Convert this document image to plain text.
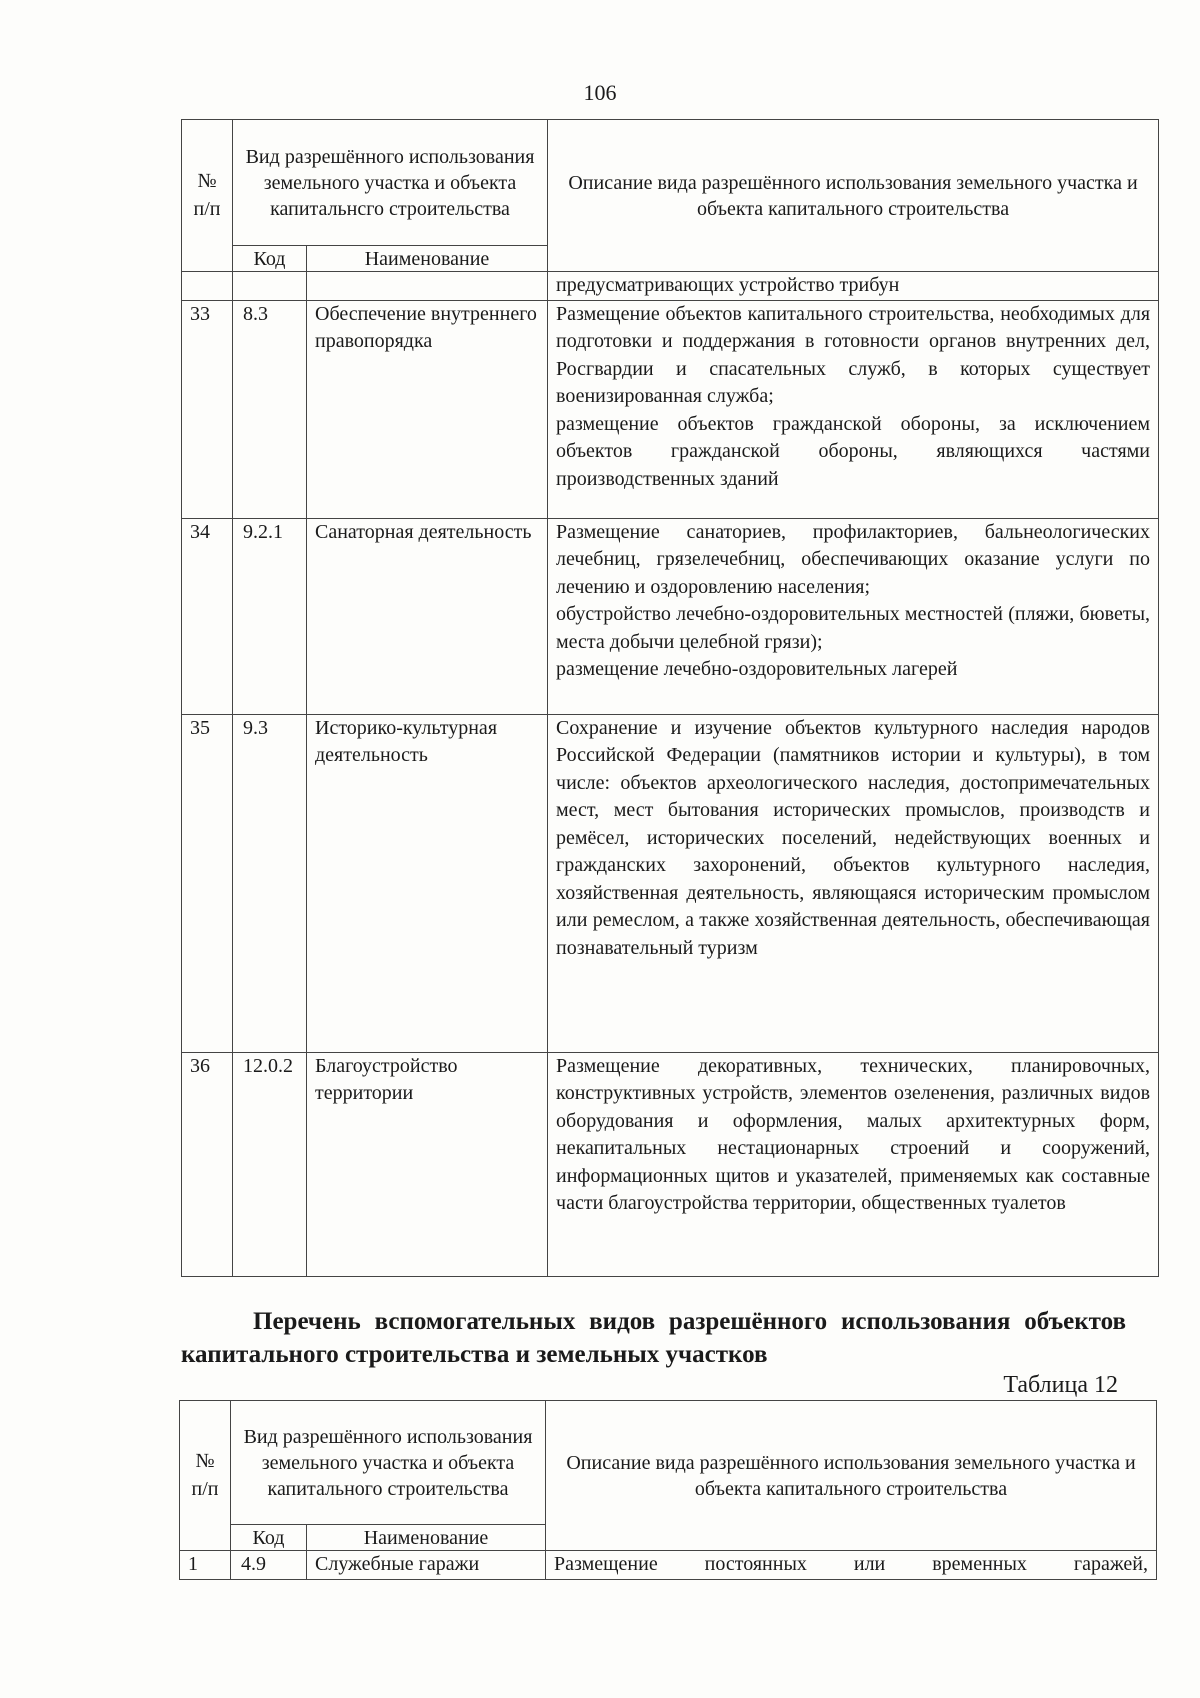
106
№ п/п	Вид разрешённого использования земельного участка и объекта капитальнсго строительства		Описание вида разрешённого использования земельного участка и объекта капитального строительства
	Код	Наименование	
			предусматривающих устройство трибун
33	8.3	Обеспечение внутреннего правопорядка	Размещение объектов капитального строительства, необходимых для подготовки и поддержания в готовности органов внутренних дел, Росгвардии и спасательных служб, в которых существует военизированная служба;

размещение объектов гражданской обороны, за исключением объектов гражданской обороны, являющихся частями производственных зданий

34	9.2.1	Санаторная деятельность	Размещение санаториев, профилакториев, бальнеологических лечебниц, грязелечебниц, обеспечивающих оказание услуги по лечению и оздоровлению населения;

обустройство лечебно-оздоровительных местностей (пляжи, бюветы, места добычи целебной грязи);

размещение лечебно-оздоровительных лагерей

35	9.3	Историко-культурная деятельность	Сохранение и изучение объектов культурного наследия народов Российской Федерации (памятников истории и культуры), в том числе: объектов археологического наследия, достопримечательных мест, мест бытования исторических промыслов, производств и ремёсел, исторических поселений, недействующих военных и гражданских захоронений, объектов культурного наследия, хозяйственная деятельность, являющаяся историческим промыслом или ремеслом, а также хозяйственная деятельность, обеспечивающая познавательный туризм

36	12.0.2	Благоустройство территории	Размещение декоративных, технических, планировочных, конструктивных устройств, элементов озеленения, различных видов оборудования и оформления, малых архитектурных форм, некапитальных нестационарных строений и сооружений, информационных щитов и указателей, применяемых как составные части благоустройства территории, общественных туалетов

Перечень вспомогательных видов разрешённого использования объектов капитального строительства и земельных участков
Таблица 12
№ п/п	Вид разрешённого использования земельного участка и объекта капитального строительства		Описание вида разрешённого использования земельного участка и объекта капитального строительства
	Код	Наименование	
1	4.9	Служебные гаражи	Размещение постоянных или временных гаражей,
